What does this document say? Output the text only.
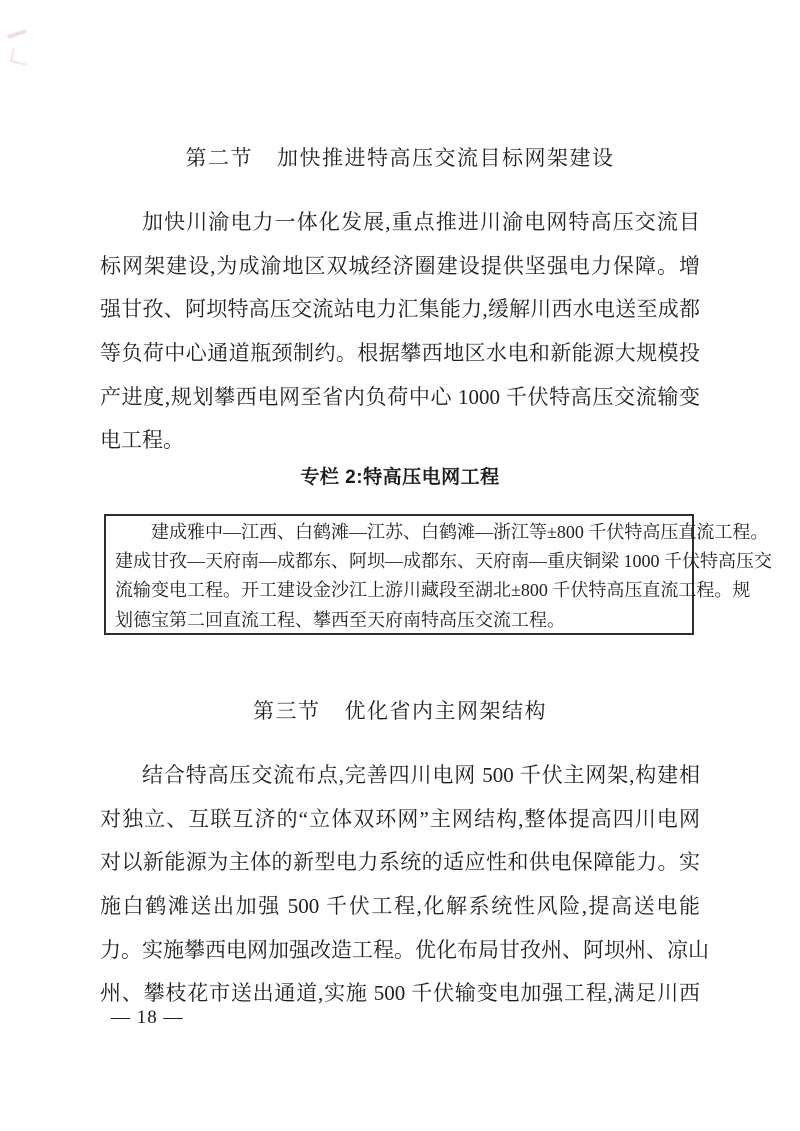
第二节 加快推进特高压交流目标网架建设
加快川渝电力一体化发展,重点推进川渝电网特高压交流目
标网架建设,为成渝地区双城经济圈建设提供坚强电力保障。增
强甘孜、阿坝特高压交流站电力汇集能力,缓解川西水电送至成都
等负荷中心通道瓶颈制约。根据攀西地区水电和新能源大规模投
产进度,规划攀西电网至省内负荷中心 1000 千伏特高压交流输变
电工程。
专栏 2:特高压电网工程
建成雅中—江西、白鹤滩—江苏、白鹤滩—浙江等±800 千伏特高压直流工程。
建成甘孜—天府南—成都东、阿坝—成都东、天府南—重庆铜梁 1000 千伏特高压交
流输变电工程。开工建设金沙江上游川藏段至湖北±800 千伏特高压直流工程。规
划德宝第二回直流工程、攀西至天府南特高压交流工程。
第三节 优化省内主网架结构
结合特高压交流布点,完善四川电网 500 千伏主网架,构建相
对独立、互联互济的“立体双环网”主网结构,整体提高四川电网
对以新能源为主体的新型电力系统的适应性和供电保障能力。实
施白鹤滩送出加强 500 千伏工程,化解系统性风险,提高送电能
力。实施攀西电网加强改造工程。优化布局甘孜州、阿坝州、凉山
州、攀枝花市送出通道,实施 500 千伏输变电加强工程,满足川西
— 18 —
